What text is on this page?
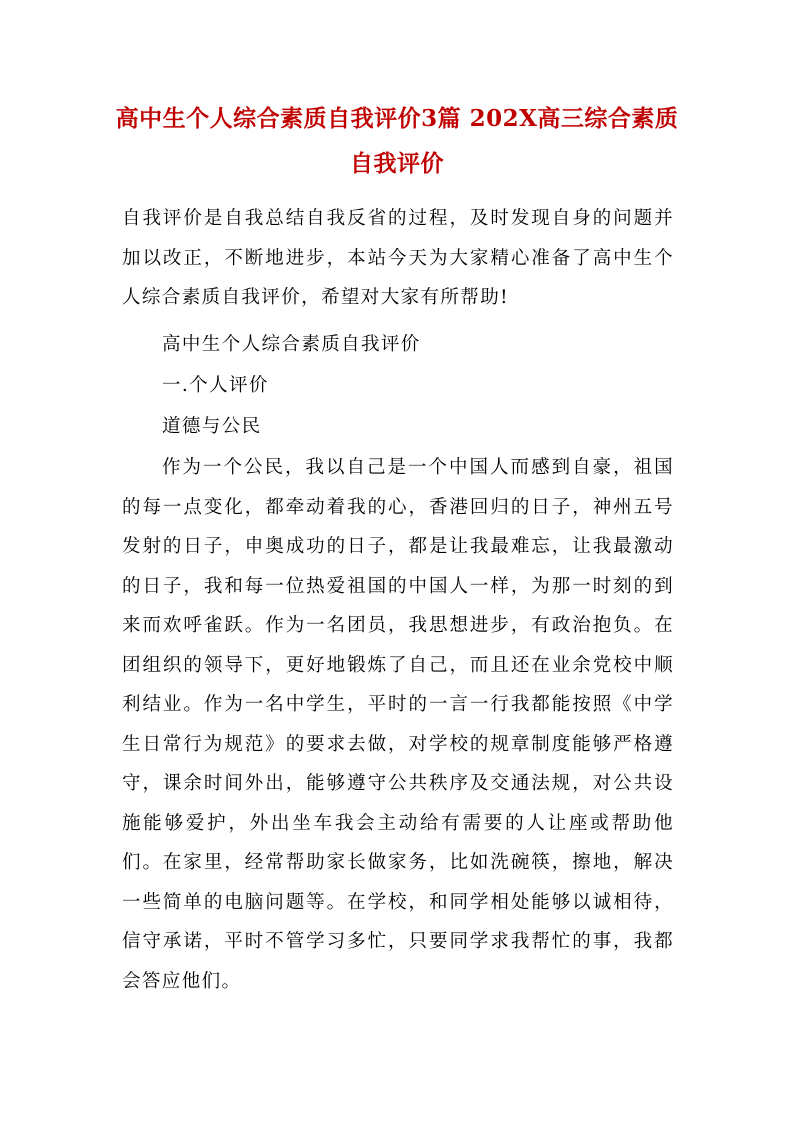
高中生个人综合素质自我评价3篇 202X高三综合素质自我评价

自我评价是自我总结自我反省的过程，及时发现自身的问题并加以改正，不断地进步，本站今天为大家精心准备了高中生个人综合素质自我评价，希望对大家有所帮助!

高中生个人综合素质自我评价

一.个人评价

道德与公民

作为一个公民，我以自己是一个中国人而感到自豪，祖国的每一点变化，都牵动着我的心，香港回归的日子，神州五号发射的日子，申奥成功的日子，都是让我最难忘，让我最激动的日子，我和每一位热爱祖国的中国人一样，为那一时刻的到来而欢呼雀跃。作为一名团员，我思想进步，有政治抱负。在团组织的领导下，更好地锻炼了自己，而且还在业余党校中顺利结业。作为一名中学生，平时的一言一行我都能按照《中学生日常行为规范》的要求去做，对学校的规章制度能够严格遵守，课余时间外出，能够遵守公共秩序及交通法规，对公共设施能够爱护，外出坐车我会主动给有需要的人让座或帮助他们。在家里，经常帮助家长做家务，比如洗碗筷，擦地，解决一些简单的电脑问题等。在学校，和同学相处能够以诚相待，信守承诺，平时不管学习多忙，只要同学求我帮忙的事，我都会答应他们。
